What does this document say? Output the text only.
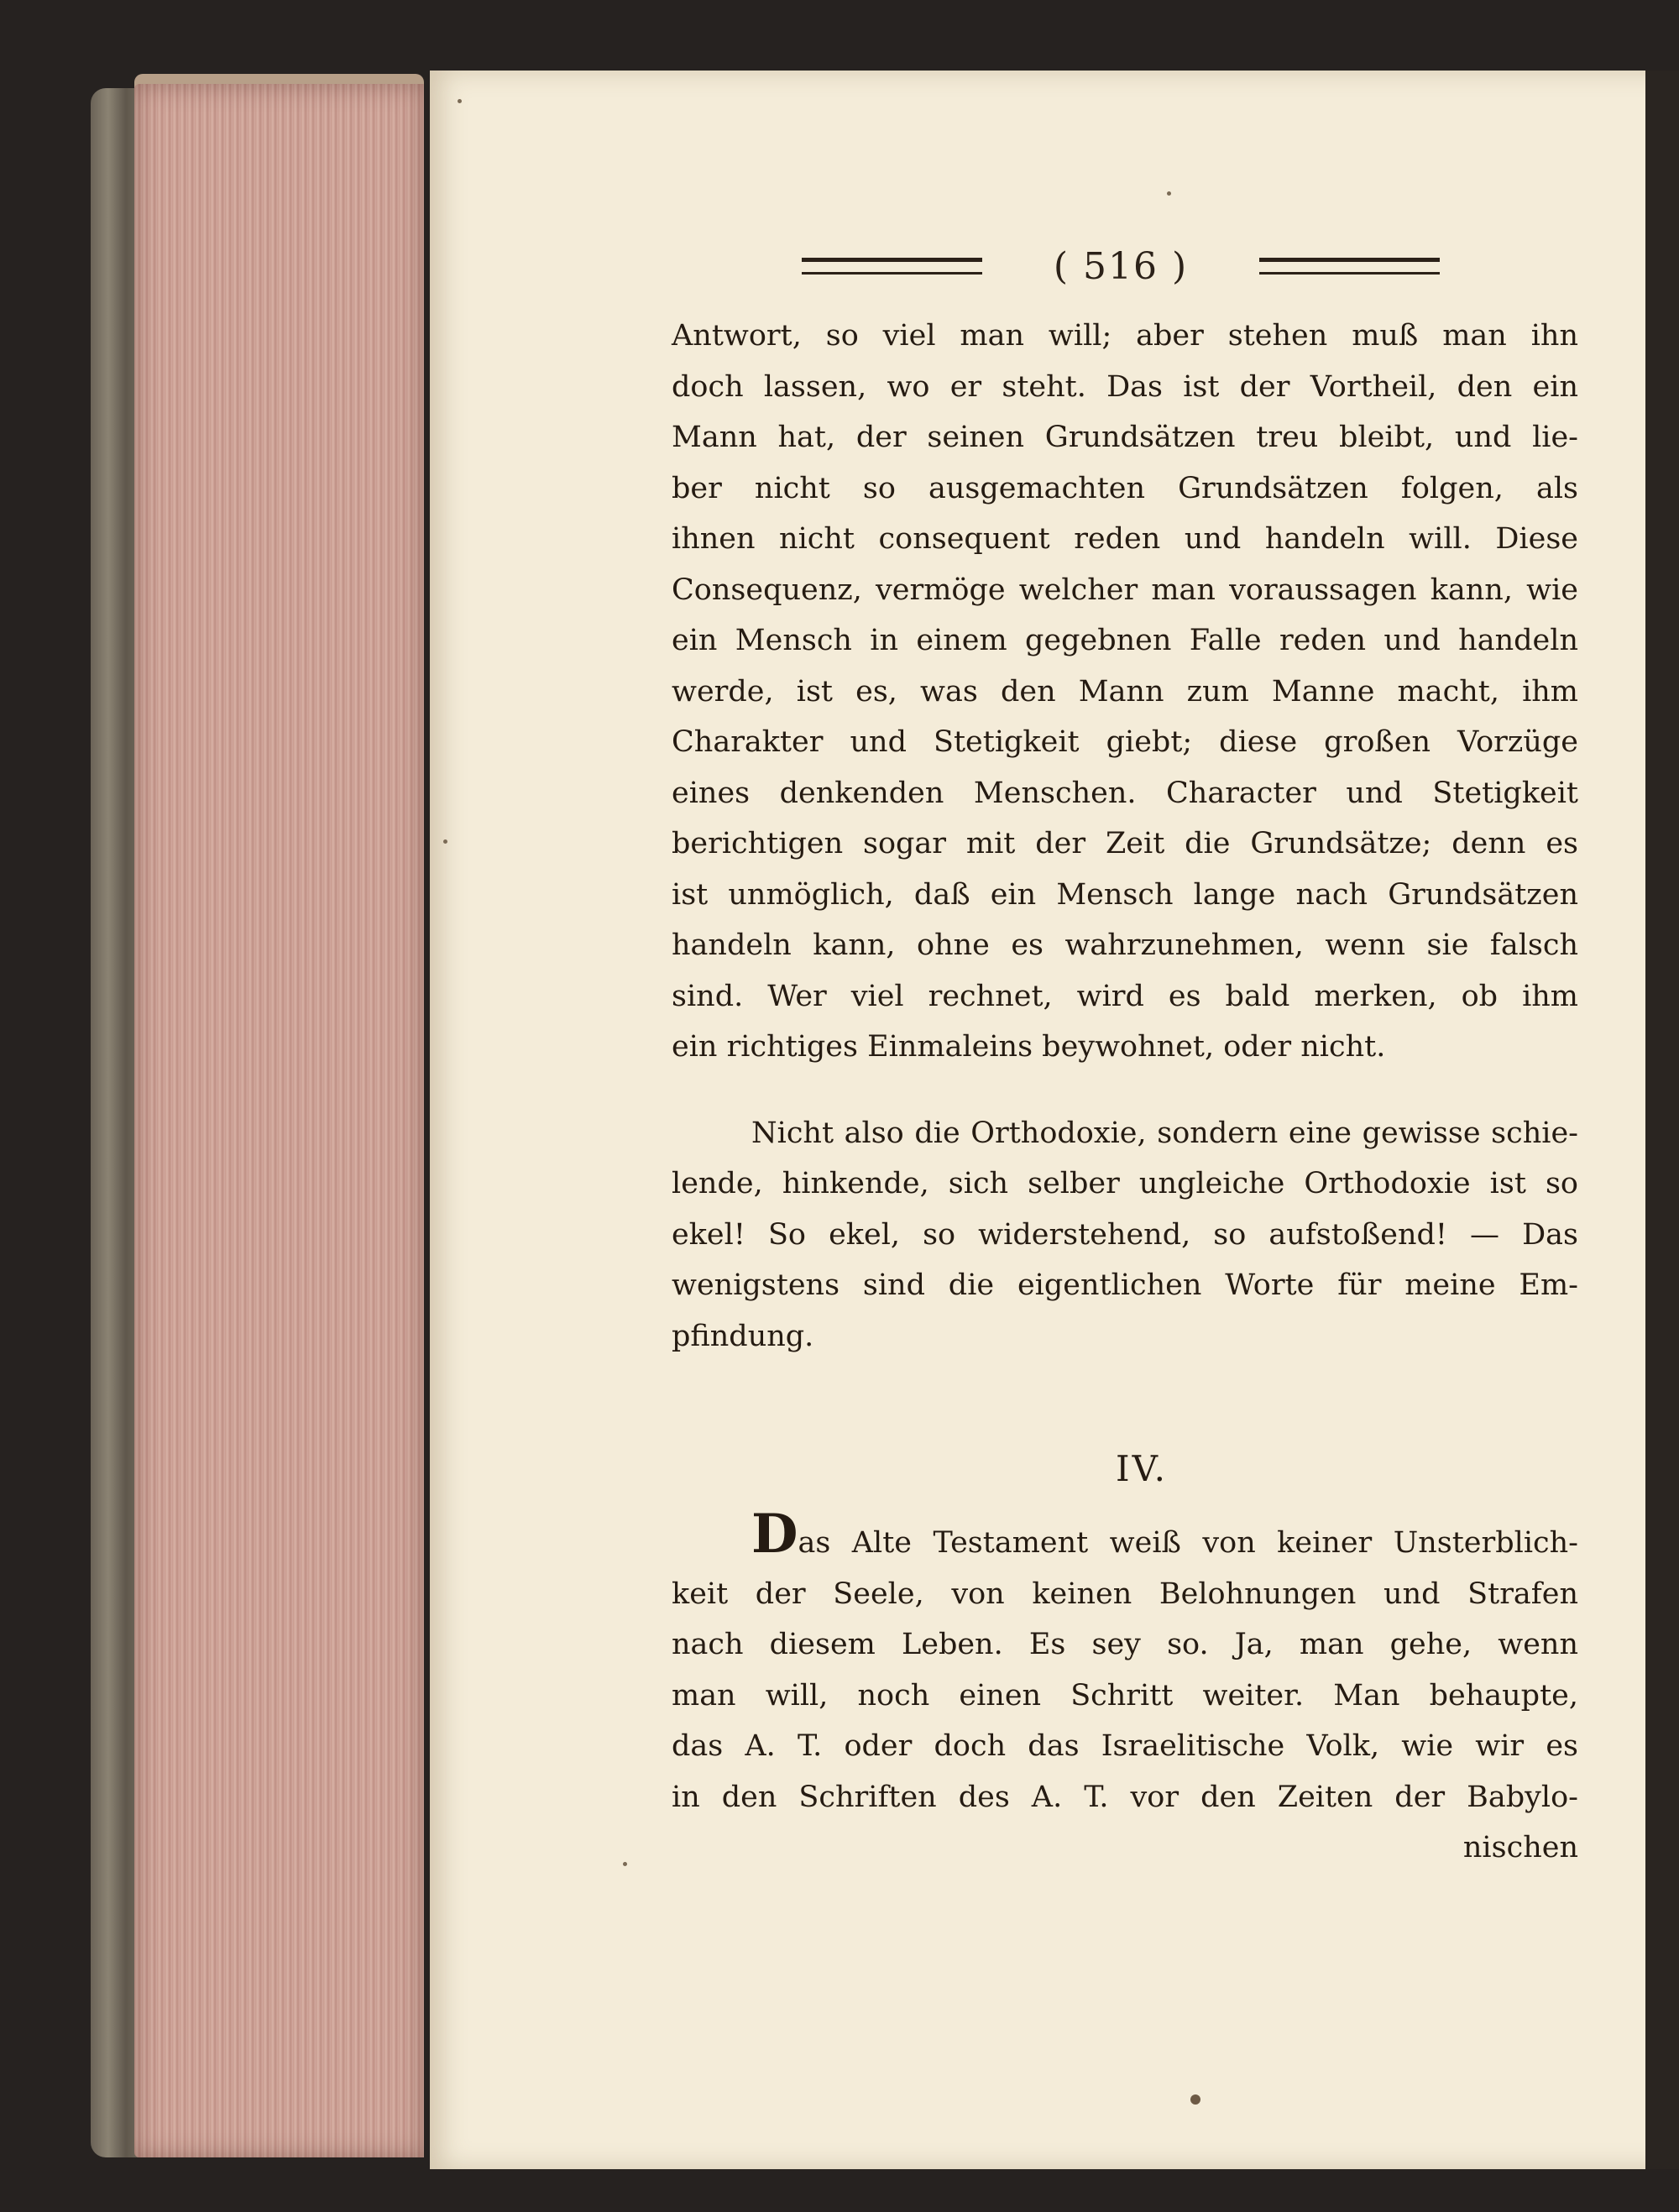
( 516 )
Antwort, so viel man will; aber stehen muß man ihn
doch lassen, wo er steht. Das ist der Vortheil, den ein
Mann hat, der seinen Grundsätzen treu bleibt, und lie-
ber nicht so ausgemachten Grundsätzen folgen, als
ihnen nicht consequent reden und handeln will. Diese
Consequenz, vermöge welcher man voraussagen kann, wie
ein Mensch in einem gegebnen Falle reden und handeln
werde, ist es, was den Mann zum Manne macht, ihm
Charakter und Stetigkeit giebt; diese großen Vorzüge
eines denkenden Menschen. Character und Stetigkeit
berichtigen sogar mit der Zeit die Grundsätze; denn es
ist unmöglich, daß ein Mensch lange nach Grundsätzen
handeln kann, ohne es wahrzunehmen, wenn sie falsch
sind. Wer viel rechnet, wird es bald merken, ob ihm
ein richtiges Einmaleins beywohnet, oder nicht.
Nicht also die Orthodoxie, sondern eine gewisse schie-
lende, hinkende, sich selber ungleiche Orthodoxie ist so
ekel! So ekel, so widerstehend, so aufstoßend! — Das
wenigstens sind die eigentlichen Worte für meine Em-
pfindung.
IV.
Das Alte Testament weiß von keiner Unsterblich-
keit der Seele, von keinen Belohnungen und Strafen
nach diesem Leben. Es sey so. Ja, man gehe, wenn
man will, noch einen Schritt weiter. Man behaupte,
das A. T. oder doch das Israelitische Volk, wie wir es
in den Schriften des A. T. vor den Zeiten der Babylo-
nischen
